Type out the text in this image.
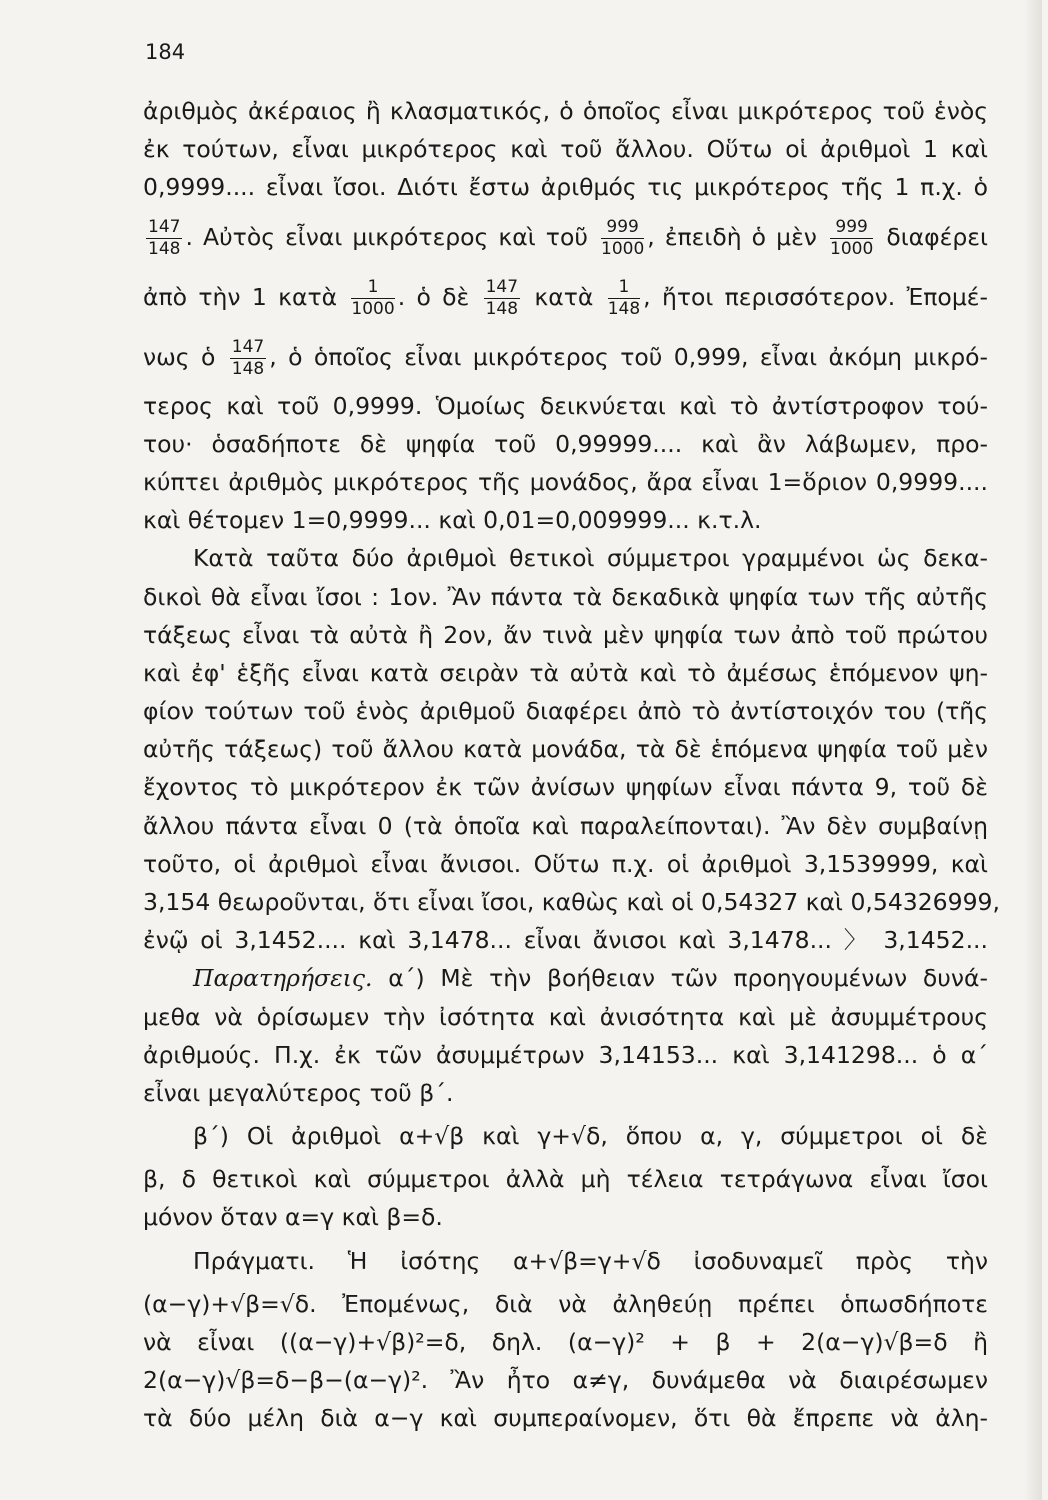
184
ἀριθμὸς ἀκέραιος ἢ κλασματικός, ὁ ὁποῖος εἶναι μικρότερος τοῦ ἑνὸς
ἐκ τούτων, εἶναι μικρότερος καὶ τοῦ ἄλλου. Οὕτω οἱ ἀριθμοὶ 1 καὶ
0,9999.... εἶναι ἴσοι. Διότι ἔστω ἀριθμός τις μικρότερος τῆς 1 π.χ. ὁ
$\frac{147}{148}$ . Αὐτὸς εἶναι μικρότερος καὶ τοῦ $\frac{999}{1000}$ , ἐπειδὴ ὁ μὲν $\frac{999}{1000}$ διαφέρει
ἀπὸ τὴν 1 κατὰ $\frac{1}{1000}$ . ὁ δὲ $\frac{147}{148}$ κατὰ $\frac{1}{148}$ , ἤτοι περισσότερον. Ἐπομέ-
νως ὁ $\frac{147}{148}$ , ὁ ὁποῖος εἶναι μικρότερος τοῦ 0,999, εἶναι ἀκόμη μικρό-
τερος καὶ τοῦ 0,9999. Ὁμοίως δεικνύεται καὶ τὸ ἀντίστροφον τού-
του· ὁσαδήποτε δὲ ψηφία τοῦ 0,99999.... καὶ ἂν λάβωμεν, προ-
κύπτει ἀριθμὸς μικρότερος τῆς μονάδος, ἄρα εἶναι 1=ὅριον 0,9999....
καὶ θέτομεν 1=0,9999... καὶ 0,01=0,009999... κ.τ.λ.
Κατὰ ταῦτα δύο ἀριθμοὶ θετικοὶ σύμμετροι γραμμένοι ὡς δεκα-
δικοὶ θὰ εἶναι ἴσοι : 1ον. Ἂν πάντα τὰ δεκαδικὰ ψηφία των τῆς αὐτῆς
τάξεως εἶναι τὰ αὐτὰ ἢ 2ον, ἄν τινὰ μὲν ψηφία των ἀπὸ τοῦ πρώτου
καὶ ἐφ' ἑξῆς εἶναι κατὰ σειρὰν τὰ αὐτὰ καὶ τὸ ἀμέσως ἑπόμενον ψη-
φίον τούτων τοῦ ἑνὸς ἀριθμοῦ διαφέρει ἀπὸ τὸ ἀντίστοιχόν του (τῆς
αὐτῆς τάξεως) τοῦ ἄλλου κατὰ μονάδα, τὰ δὲ ἑπόμενα ψηφία τοῦ μὲν
ἔχοντος τὸ μικρότερον ἐκ τῶν ἀνίσων ψηφίων εἶναι πάντα 9, τοῦ δὲ
ἄλλου πάντα εἶναι 0 (τὰ ὁποῖα καὶ παραλείπονται). Ἂν δὲν συμβαίνῃ
τοῦτο, οἱ ἀριθμοὶ εἶναι ἄνισοι. Οὕτω π.χ. οἱ ἀριθμοὶ 3,1539999, καὶ
3,154 θεωροῦνται, ὅτι εἶναι ἴσοι, καθὼς καὶ οἱ 0,54327 καὶ 0,54326999,
ἐνῷ οἱ 3,1452.... καὶ 3,1478... εἶναι ἄνισοι καὶ 3,1478... 〉 3,1452...
Παρατηρήσεις. α΄) Μὲ τὴν βοήθειαν τῶν προηγουμένων δυνά-
μεθα νὰ ὁρίσωμεν τὴν ἰσότητα καὶ ἀνισότητα καὶ μὲ ἀσυμμέτρους
ἀριθμούς. Π.χ. ἐκ τῶν ἀσυμμέτρων 3,14153... καὶ 3,141298... ὁ α΄
εἶναι μεγαλύτερος τοῦ β΄.
β΄) Οἱ ἀριθμοὶ α+√β καὶ γ+√δ, ὅπου α, γ, σύμμετροι οἱ δὲ
β, δ θετικοὶ καὶ σύμμετροι ἀλλὰ μὴ τέλεια τετράγωνα εἶναι ἴσοι
μόνον ὅταν α=γ καὶ β=δ.
Πράγματι. Ἡ ἰσότης α+√β=γ+√δ ἰσοδυναμεῖ πρὸς τὴν
(α−γ)+√β=√δ. Ἐπομένως, διὰ νὰ ἀληθεύῃ πρέπει ὁπωσδήποτε
νὰ εἶναι ((α−γ)+√β)²=δ, δηλ. (α−γ)² + β + 2(α−γ)√β=δ ἢ
2(α−γ)√β=δ−β−(α−γ)². Ἂν ἦτο α≠γ, δυνάμεθα νὰ διαιρέσωμεν
τὰ δύο μέλη διὰ α−γ καὶ συμπεραίνομεν, ὅτι θὰ ἔπρεπε νὰ ἀλη-
